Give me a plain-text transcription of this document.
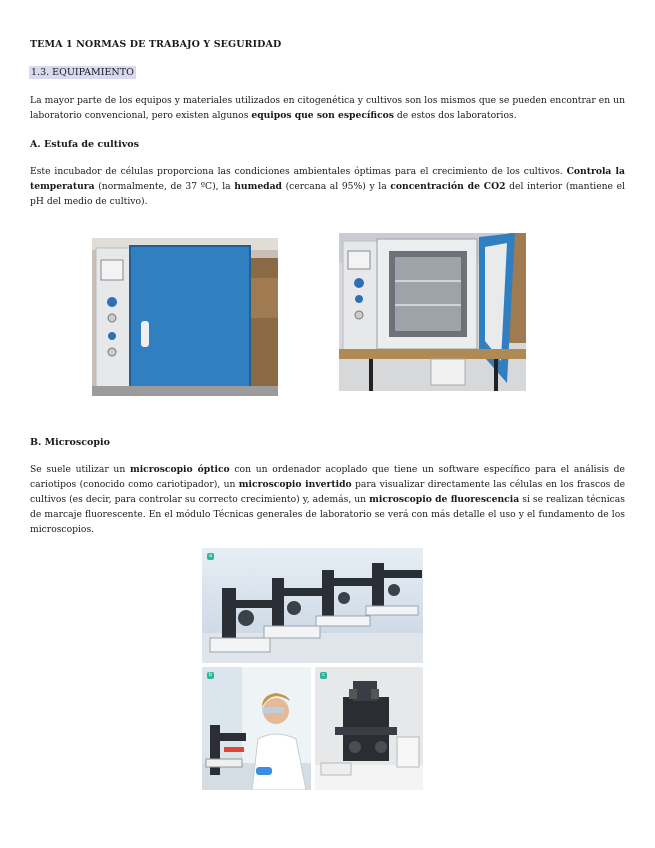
TEMA 1 NORMAS DE TRABAJO Y SEGURIDAD
1.3. EQUIPAMIENTO
La mayor parte de los equipos y materiales utilizados en citogenética y cultivos son los mismos que se pueden encontrar en un laboratorio convencional, pero existen algunos equipos que son específicos de estos dos laboratorios.
A. Estufa de cultivos
Este incubador de células proporciona las condiciones ambientales óptimas para el crecimiento de los cultivos. Controla la temperatura (normalmente, de 37 ºC), la humedad (cercana al 95%) y la concentración de CO2 del interior (mantiene el pH del medio de cultivo).
B. Microscopio
Se suele utilizar un microscopio óptico con un ordenador acoplado que tiene un software específico para el análisis de cariotipos (conocido como cariotipador), un microscopio invertido para visualizar directamente las células en los frascos de cultivos (es decir, para controlar su correcto crecimiento) y, además, un microscopio de fluorescencia si se realizan técnicas de marcaje fluorescente. En el módulo Técnicas generales de laboratorio se verá con más detalle el uso y el fundamento de los microscopios.
a
b	c
